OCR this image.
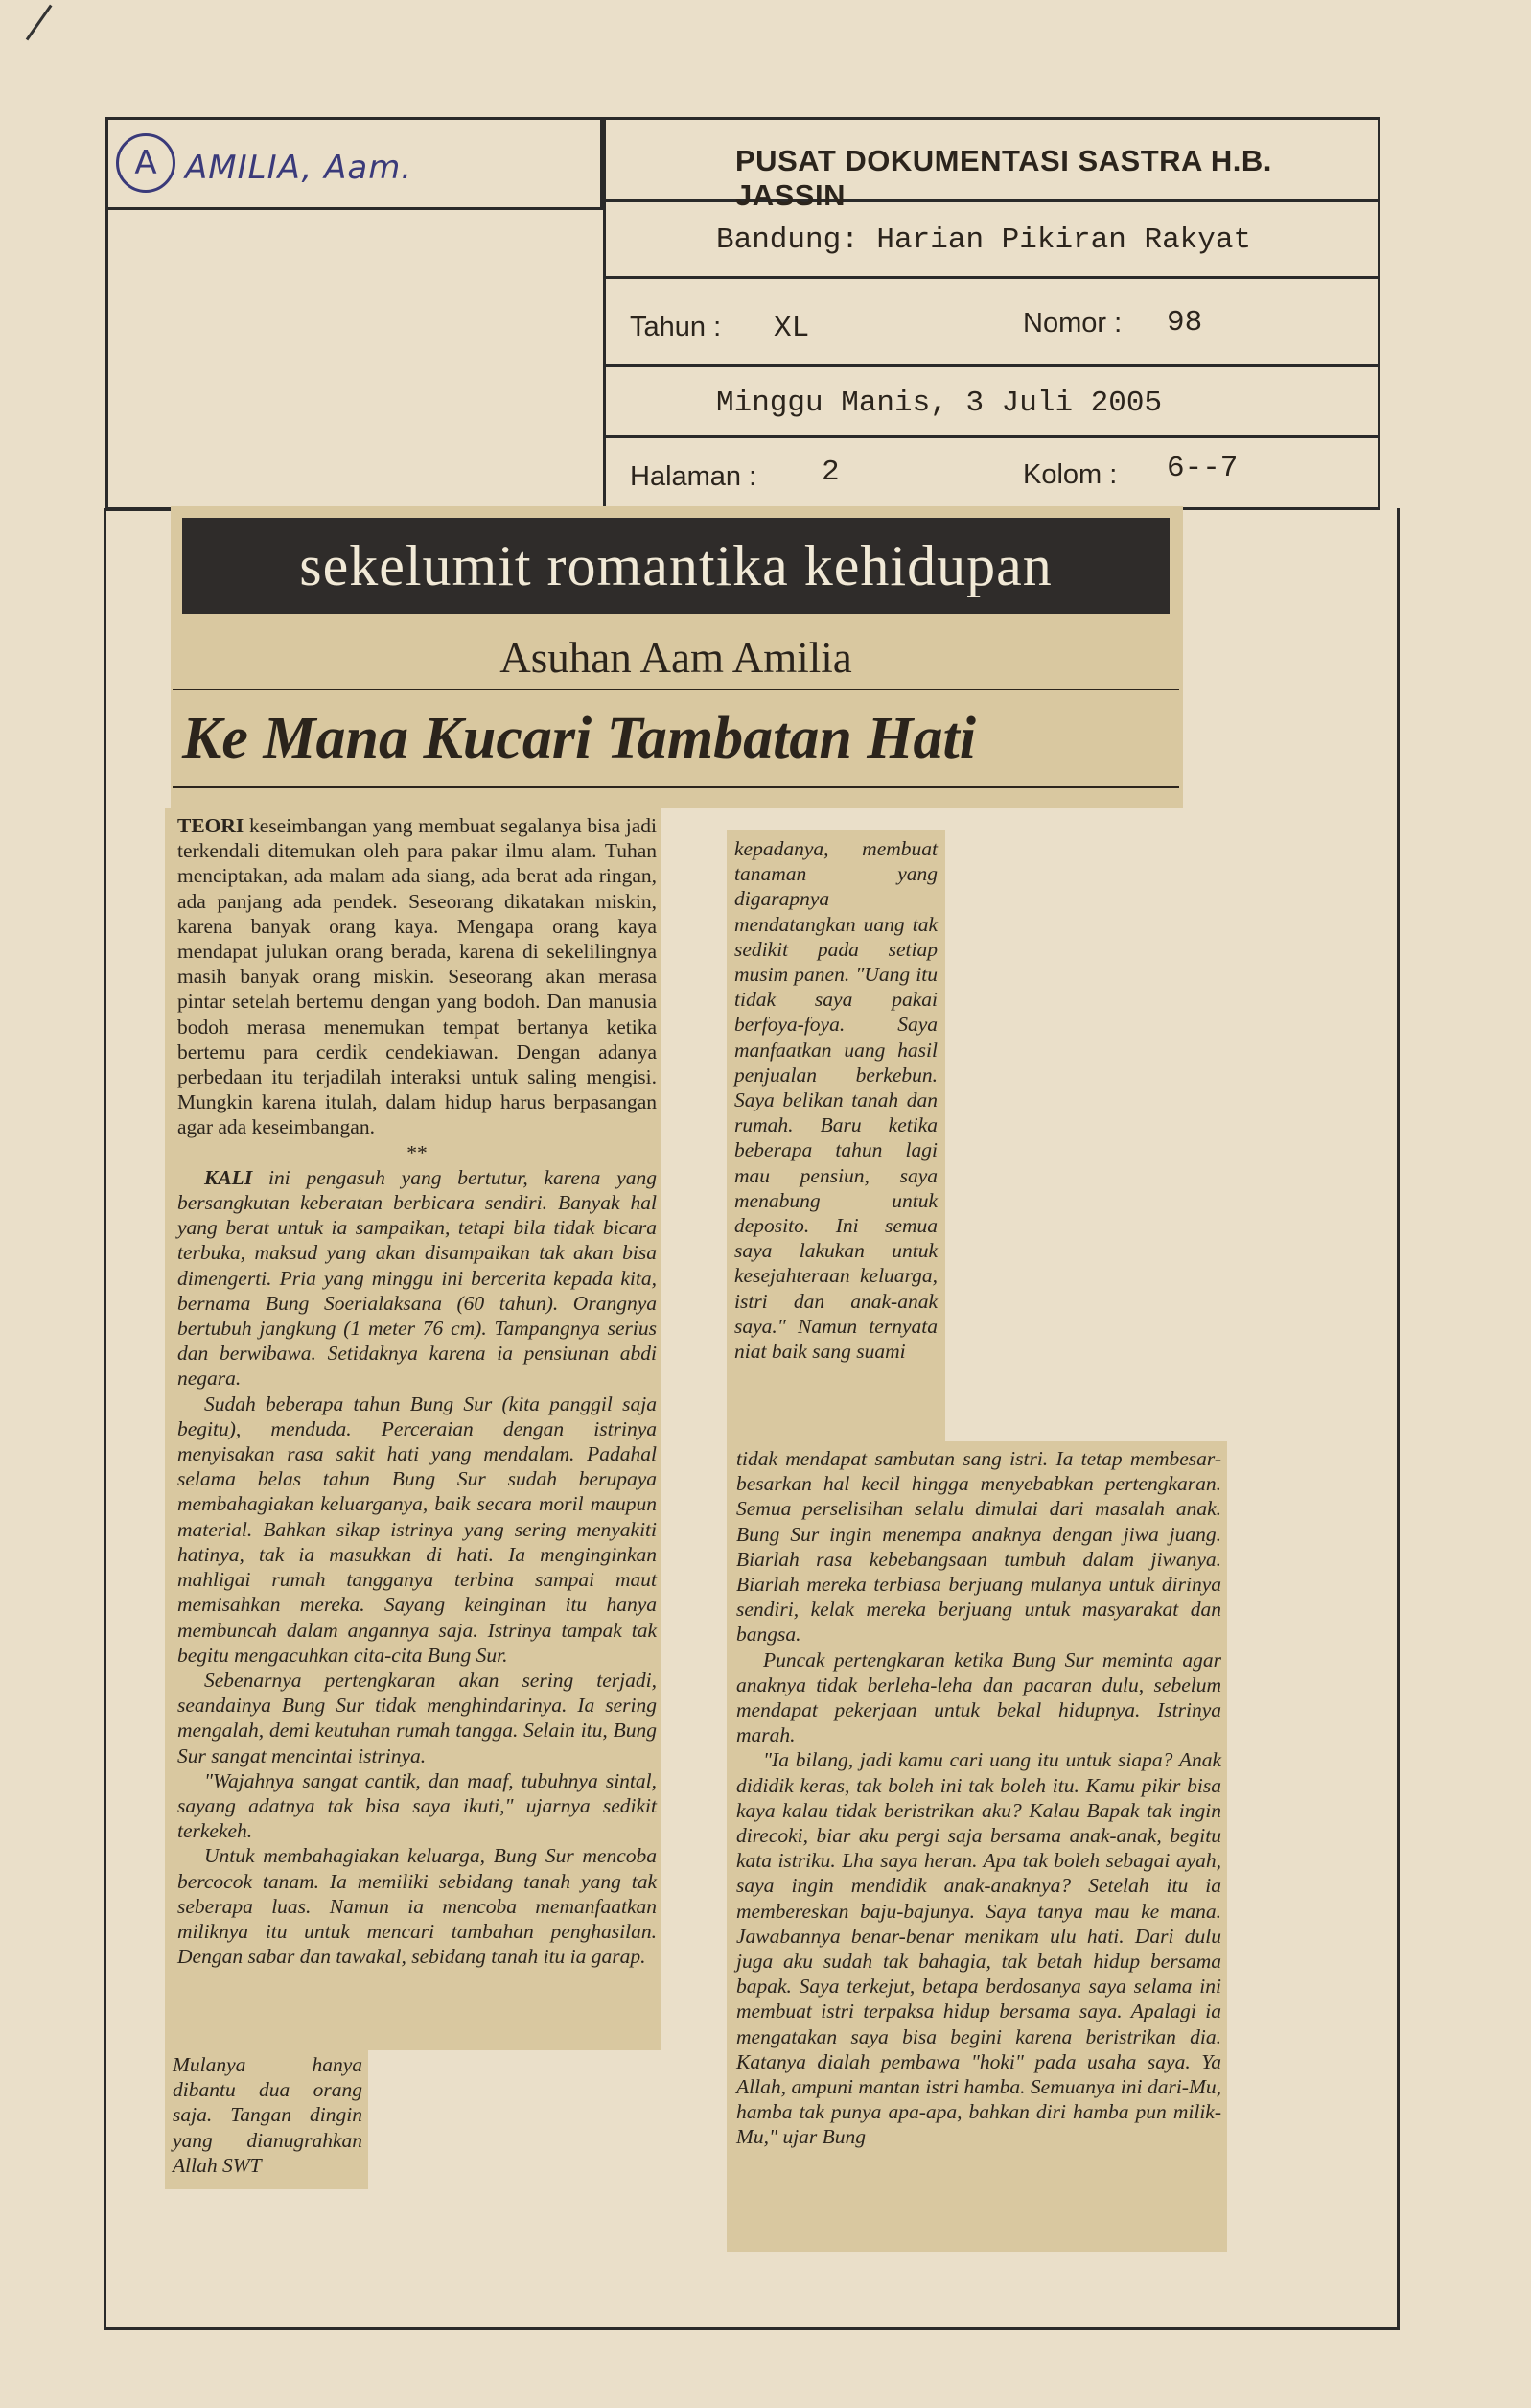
A AMILIA, Aam.	PUSAT DOKUMENTASI SASTRA H.B. JASSIN
Bandung: Harian Pikiran Rakyat
Tahun : XL	Nomor : 98
Minggu Manis, 3 Juli 2005
Halaman : 2	Kolom : 6--7
sekelumit romantika kehidupan
Asuhan Aam Amilia
Ke Mana Kucari Tambatan Hati

TEORI keseimbangan yang membuat segalanya bisa jadi terkendali ditemukan oleh para pakar ilmu alam. Tuhan menciptakan, ada malam ada siang, ada berat ada ringan, ada panjang ada pendek. Seseorang dikatakan miskin, karena banyak orang kaya. Mengapa orang kaya mendapat julukan orang berada, karena di sekelilingnya masih banyak orang miskin. Seseorang akan merasa pintar setelah bertemu dengan yang bodoh. Dan manusia bodoh merasa menemukan tempat bertanya ketika bertemu para cerdik cendekiawan. Dengan adanya perbedaan itu terjadilah interaksi untuk saling mengisi. Mungkin karena itulah, dalam hidup harus berpasangan agar ada keseimbangan.

**

KALI ini pengasuh yang bertutur, karena yang bersangkutan keberatan berbicara sendiri. Banyak hal yang berat untuk ia sampaikan, tetapi bila tidak bicara terbuka, maksud yang akan disampaikan tak akan bisa dimengerti. Pria yang minggu ini bercerita kepada kita, bernama Bung Soerialaksana (60 tahun). Orangnya bertubuh jangkung (1 meter 76 cm). Tampangnya serius dan berwibawa. Setidaknya karena ia pensiunan abdi negara.

Sudah beberapa tahun Bung Sur (kita panggil saja begitu), menduda. Perceraian dengan istrinya menyisakan rasa sakit hati yang mendalam. Padahal selama belas tahun Bung Sur sudah berupaya membahagiakan keluarganya, baik secara moril maupun material. Bahkan sikap istrinya yang sering menyakiti hatinya, tak ia masukkan di hati. Ia menginginkan mahligai rumah tangganya terbina sampai maut memisahkan mereka. Sayang keinginan itu hanya membuncah dalam angannya saja. Istrinya tampak tak begitu mengacuhkan cita-cita Bung Sur.

Sebenarnya pertengkaran akan sering terjadi, seandainya Bung Sur tidak menghindarinya. Ia sering mengalah, demi keutuhan rumah tangga. Selain itu, Bung Sur sangat mencintai istrinya.

"Wajahnya sangat cantik, dan maaf, tubuhnya sintal, sayang adatnya tak bisa saya ikuti," ujarnya sedikit terkekeh.

Untuk membahagiakan keluarga, Bung Sur mencoba bercocok tanam. Ia memiliki sebidang tanah yang tak seberapa luas. Namun ia mencoba memanfaatkan miliknya itu untuk mencari tambahan penghasilan. Dengan sabar dan tawakal, sebidang tanah itu ia garap.

Mulanya hanya dibantu dua orang saja. Tangan dingin yang dianugrahkan Allah SWT

kepadanya, membuat tanaman yang digarapnya mendatangkan uang tak sedikit pada setiap musim panen. "Uang itu tidak saya pakai berfoya-foya. Saya manfaatkan uang hasil penjualan berkebun. Saya belikan tanah dan rumah. Baru ketika beberapa tahun lagi mau pensiun, saya menabung untuk deposito. Ini semua saya lakukan untuk kesejahteraan keluarga, istri dan anak-anak saya." Namun ternyata niat baik sang suami

tidak mendapat sambutan sang istri. Ia tetap membesar-besarkan hal kecil hingga menyebabkan pertengkaran. Semua perselisihan selalu dimulai dari masalah anak. Bung Sur ingin menempa anaknya dengan jiwa juang. Biarlah rasa kebebangsaan tumbuh dalam jiwanya. Biarlah mereka terbiasa berjuang mulanya untuk dirinya sendiri, kelak mereka berjuang untuk masyarakat dan bangsa.

Puncak pertengkaran ketika Bung Sur meminta agar anaknya tidak berleha-leha dan pacaran dulu, sebelum mendapat pekerjaan untuk bekal hidupnya. Istrinya marah.

"Ia bilang, jadi kamu cari uang itu untuk siapa? Anak dididik keras, tak boleh ini tak boleh itu. Kamu pikir bisa kaya kalau tidak beristrikan aku? Kalau Bapak tak ingin direcoki, biar aku pergi saja bersama anak-anak, begitu kata istriku. Lha saya heran. Apa tak boleh sebagai ayah, saya ingin mendidik anak-anaknya? Setelah itu ia membereskan baju-bajunya. Saya tanya mau ke mana. Jawabannya benar-benar menikam ulu hati. Dari dulu juga aku sudah tak bahagia, tak betah hidup bersama bapak. Saya terkejut, betapa berdosanya saya selama ini membuat istri terpaksa hidup bersama saya. Apalagi ia mengatakan saya bisa begini karena beristrikan dia. Katanya dialah pembawa "hoki" pada usaha saya. Ya Allah, ampuni mantan istri hamba. Semuanya ini dari-Mu, hamba tak punya apa-apa, bahkan diri hamba pun milik-Mu," ujar Bung
